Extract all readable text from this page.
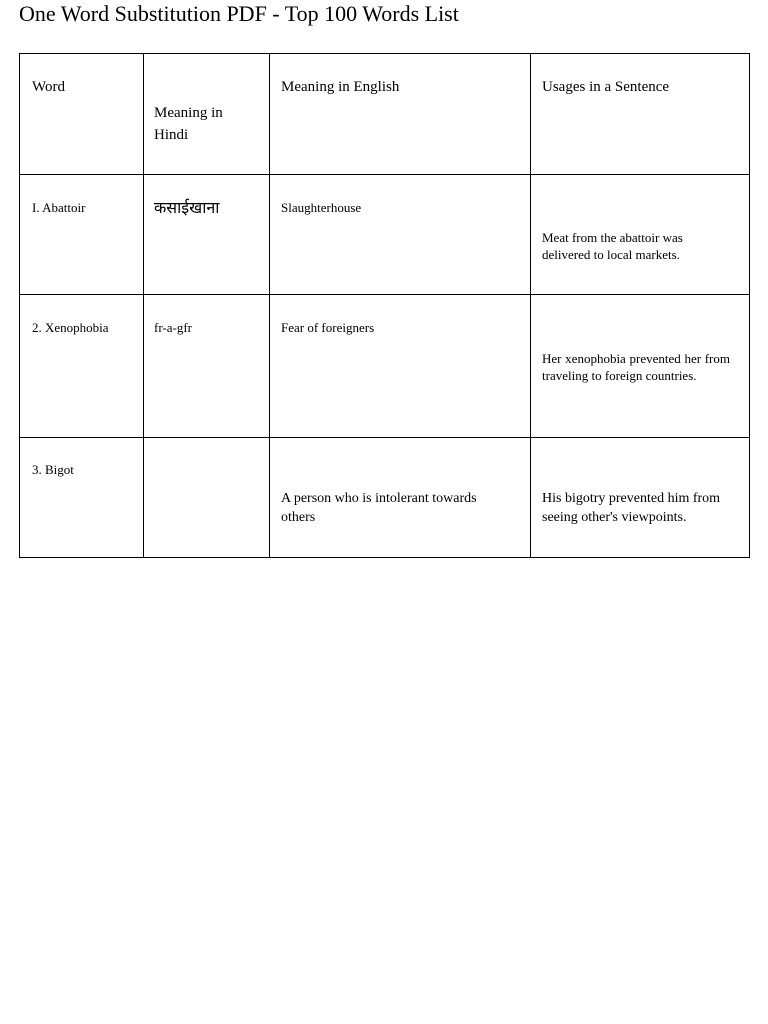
One Word Substitution PDF - Top 100 Words List
Word	Meaning in Hindi	Meaning in English	Usages in a Sentence

I. Abattoir	कसाईखाना	Slaughterhouse	Meat from the abattoir was delivered to local markets.

2. Xenophobia	fr-a-gfr	Fear of foreigners	Her xenophobia prevented her from traveling to foreign countries.

3. Bigot		A person who is intolerant towards others	His bigotry prevented him from seeing other's viewpoints.
